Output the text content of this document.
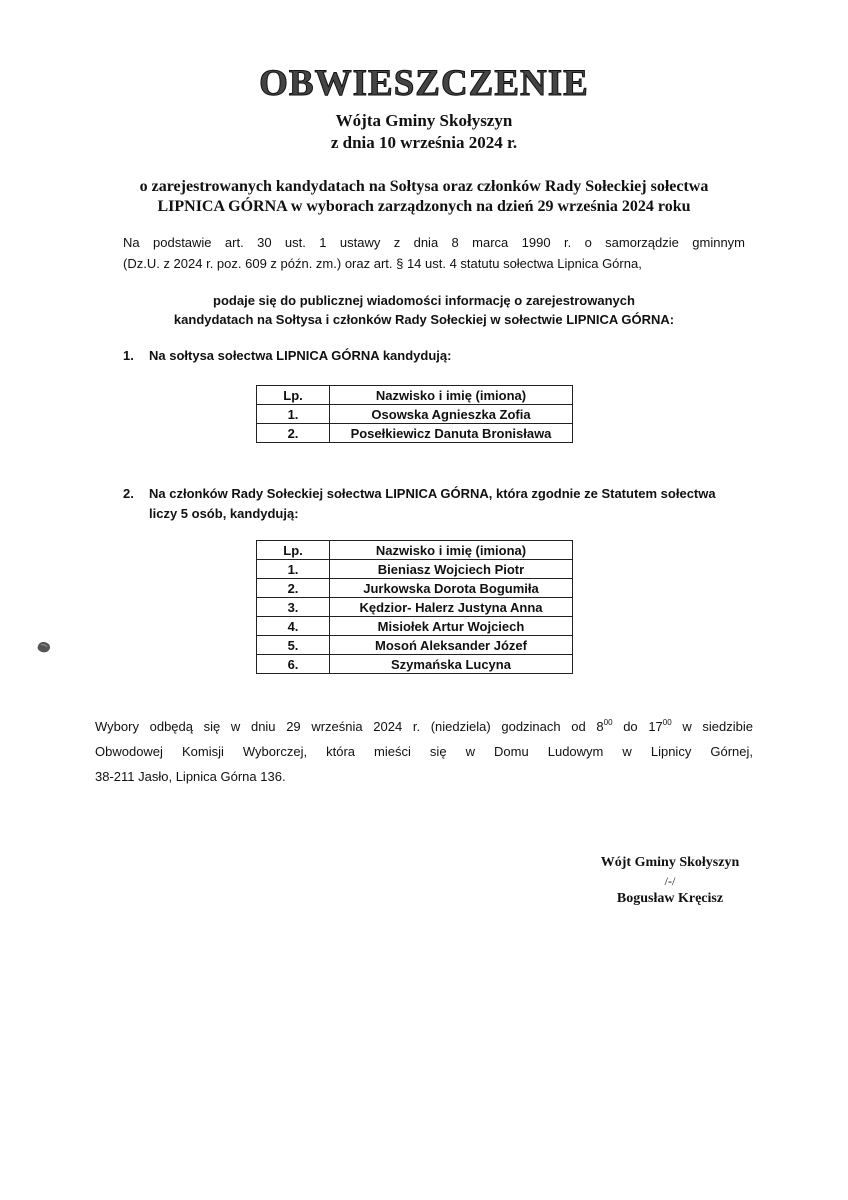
OBWIESZCZENIE

Wójta Gminy Skołyszyn

z dnia 10 września 2024 r.

o zarejestrowanych kandydatach na Sołtysa oraz członków Rady Sołeckiej sołectwa

LIPNICA GÓRNA w wyborach zarządzonych na dzień 29 września 2024 roku

Na podstawie art. 30 ust. 1 ustawy z dnia 8 marca 1990 r. o samorządzie gminnym
(Dz.U. z 2024 r. poz. 609 z późn. zm.) oraz art. § 14 ust. 4 statutu sołectwa Lipnica Górna,

podaje się do publicznej wiadomości informację o zarejestrowanych

kandydatach na Sołtysa i członków Rady Sołeckiej w sołectwie LIPNICA GÓRNA:

1. Na sołtysa sołectwa LIPNICA GÓRNA kandydują:

Lp.	Nazwisko i imię (imiona)
1.	Osowska Agnieszka Zofia
2.	Posełkiewicz Danuta Bronisława

2. Na członków Rady Sołeckiej sołectwa LIPNICA GÓRNA, która zgodnie ze Statutem sołectwa
liczy 5 osób, kandydują:

Lp.	Nazwisko i imię (imiona)
1.	Bieniasz Wojciech Piotr
2.	Jurkowska Dorota Bogumiła
3.	Kędzior- Halerz Justyna Anna
4.	Misiołek Artur Wojciech
5.	Mosoń Aleksander Józef
6.	Szymańska Lucyna

Wybory odbędą się w dniu 29 września 2024 r. (niedziela) godzinach od $8^{00}$ do $17^{00}$ w siedzibie
Obwodowej Komisji Wyborczej, która mieści się w Domu Ludowym w Lipnicy Górnej,
38-211 Jasło, Lipnica Górna 136.

Wójt Gminy Skołyszyn
/-/
Bogusław Kręcisz
